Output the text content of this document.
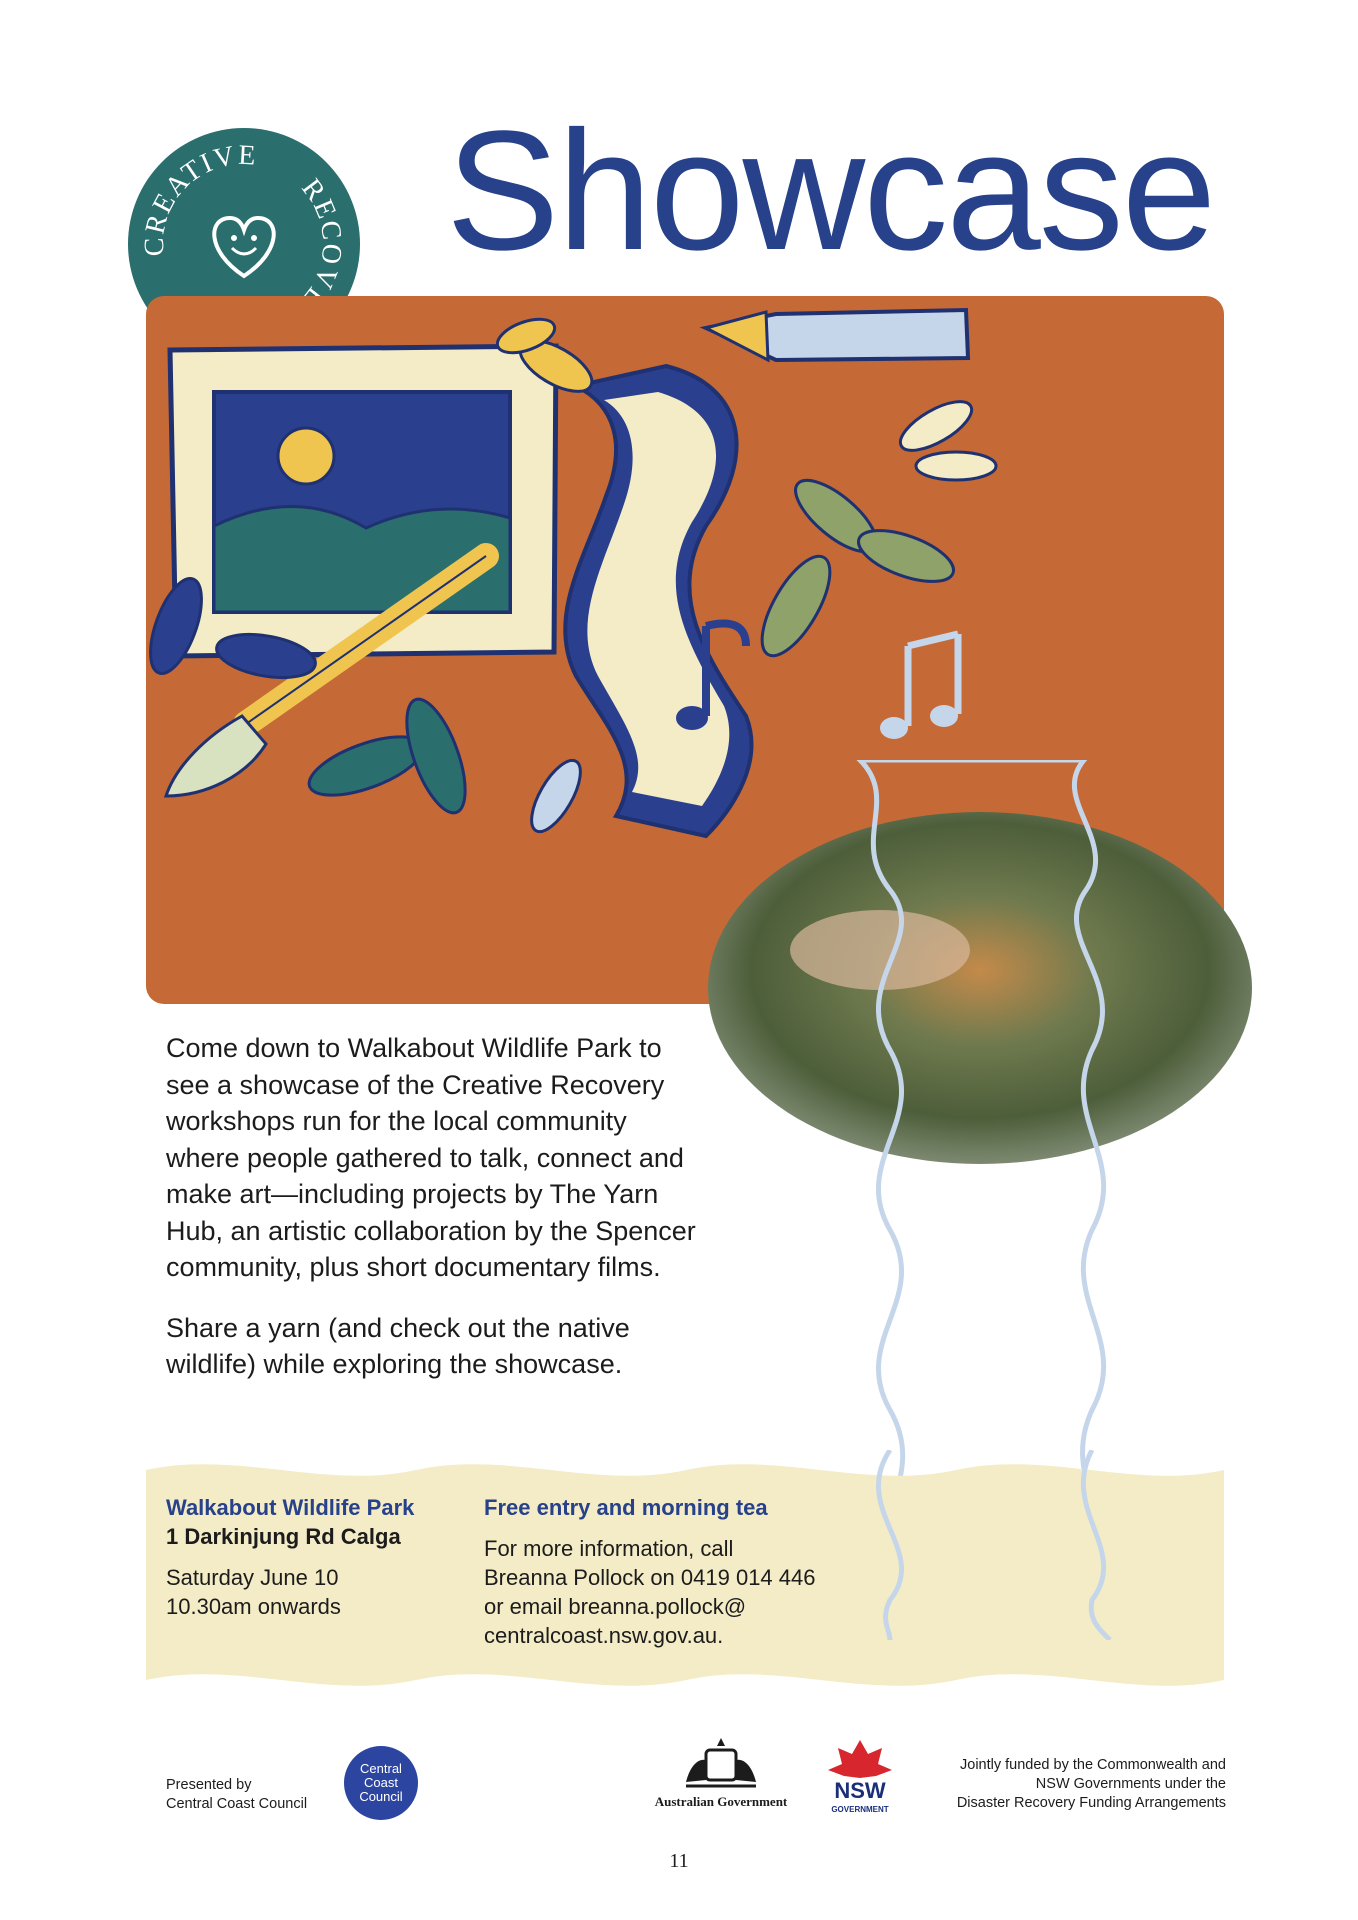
Showcase
CREATIVE
RECOV

Come down to Walkabout Wildlife Park to see a showcase of the Creative Recovery workshops run for the local community where people gathered to talk, connect and make art—including projects by The Yarn Hub, an artistic collaboration by the Spencer community, plus short documentary films.

Share a yarn (and check out the native wildlife) while exploring the showcase.

Walkabout Wildlife Park
1 Darkinjung Rd Calga
Saturday June 10
10.30am onwards
Free entry and morning tea
For more information, call
Breanna Pollock on 0419 014 446
or email breanna.pollock@
centralcoast.nsw.gov.au.
Presented by
Central Coast Council
Central
Coast
Council	Australian Government	NSW
GOVERNMENT
Jointly funded by the Commonwealth and
NSW Governments under the
Disaster Recovery Funding Arrangements
11
